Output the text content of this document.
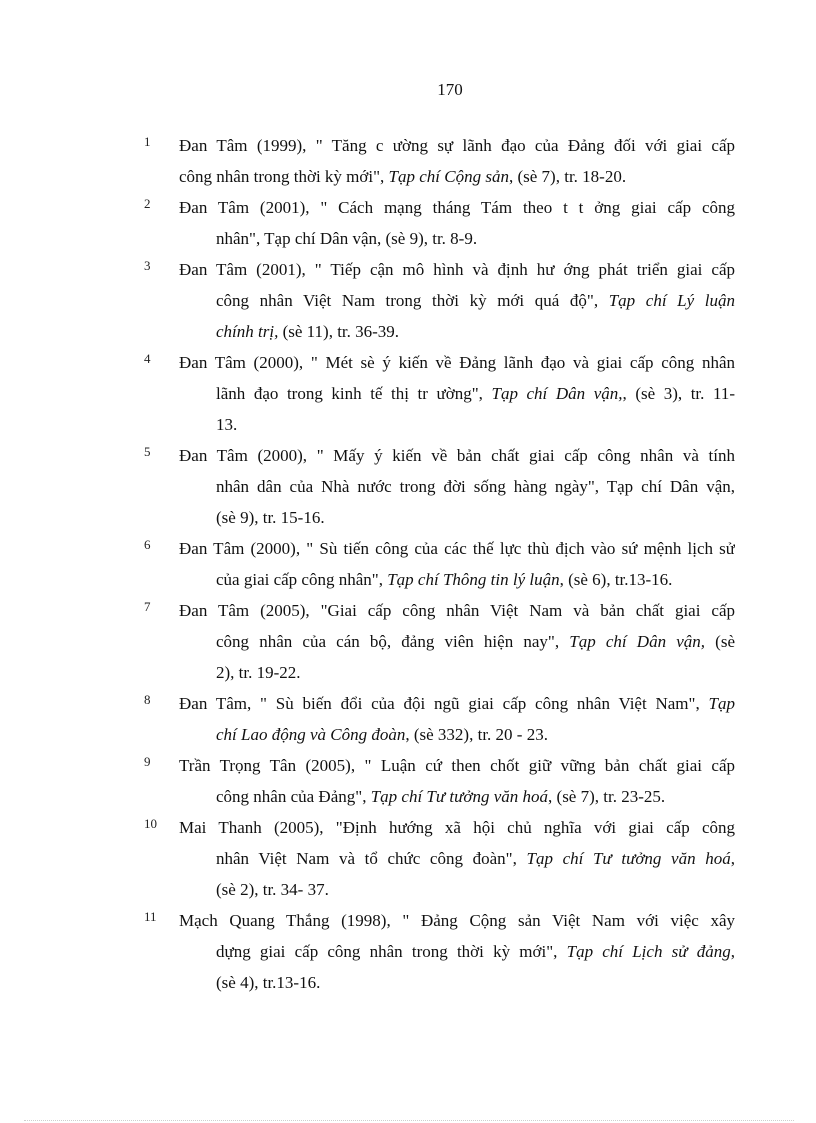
170
1 Đan Tâm (1999), " Tăng c ường sự lãnh đạo của Đảng đối với giai cấp
công nhân trong thời kỳ mới", Tạp chí Cộng sản, (sè 7), tr. 18-20.
2 Đan Tâm (2001), " Cách mạng tháng Tám theo t t ởng giai cấp công
nhân", Tạp chí Dân vận, (sè 9), tr. 8-9.
3 Đan Tâm (2001), " Tiếp cận mô hình và định hư ớng phát triển giai cấp
công nhân Việt Nam trong thời kỳ mới quá độ", Tạp chí Lý luận
chính trị, (sè 11), tr. 36-39.
4 Đan Tâm (2000), " Mét sè ý kiến về Đảng lãnh đạo và giai cấp công nhân
lãnh đạo trong kinh tế thị tr ường", Tạp chí Dân vận,, (sè 3), tr. 11-
13.
5 Đan Tâm (2000), " Mấy ý kiến về bản chất giai cấp công nhân và tính
nhân dân của Nhà nước trong đời sống hàng ngày", Tạp chí Dân vận,
(sè 9), tr. 15-16.
6 Đan Tâm (2000), " Sù tiến công của các thế lực thù địch vào sứ mệnh lịch sử
của giai cấp công nhân", Tạp chí Thông tin lý luận, (sè 6), tr.13-16.
7 Đan Tâm (2005), "Giai cấp công nhân Việt Nam và bản chất giai cấp
công nhân của cán bộ, đảng viên hiện nay", Tạp chí Dân vận, (sè
2), tr. 19-22.
8 Đan Tâm, " Sù biến đổi của đội ngũ giai cấp công nhân Việt Nam", Tạp
chí Lao động và Công đoàn, (sè 332), tr. 20 - 23.
9 Trần Trọng Tân (2005), " Luận cứ then chốt giữ vững bản chất giai cấp
công nhân của Đảng", Tạp chí Tư tưởng văn hoá, (sè 7), tr. 23-25.
10 Mai Thanh (2005), "Định hướng xã hội chủ nghĩa với giai cấp công
nhân Việt Nam và tổ chức công đoàn", Tạp chí Tư tưởng văn hoá,
(sè 2), tr. 34- 37.
11 Mạch Quang Thắng (1998), " Đảng Cộng sản Việt Nam với việc xây
dựng giai cấp công nhân trong thời kỳ mới", Tạp chí Lịch sử đảng,
(sè 4), tr.13-16.
